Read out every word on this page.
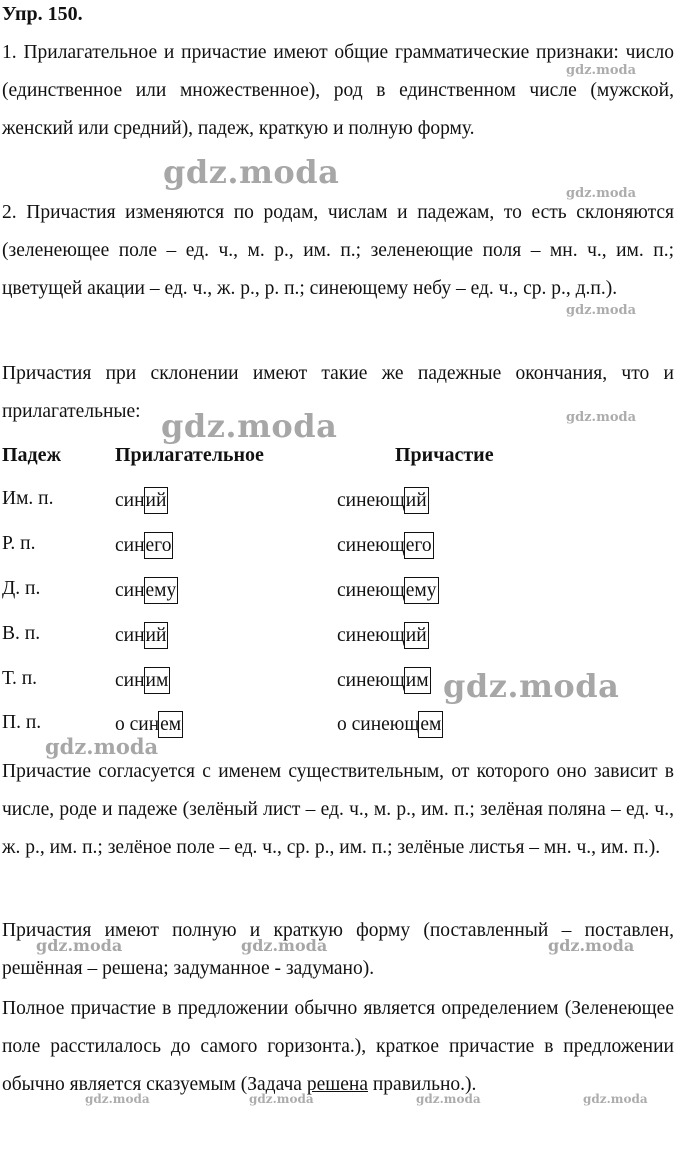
Упр. 150.

1. Прилагательное и причастие имеют общие грамматические признаки: число (единственное или множественное), род в единственном числе (мужской, женский или средний), падеж, краткую и полную форму.

2. Причастия изменяются по родам, числам и падежам, то есть склоняются (зеленеющее поле – ед. ч., м. р., им. п.; зеленеющие поля – мн. ч., им. п.; цветущей акации – ед. ч., ж. р., р. п.; синеющему небу – ед. ч., ср. р., д.п.).

Причастия при склонении имеют такие же падежные окончания, что и прилагательные:

Падеж	Прилагательное	Причастие
Им. п.	синий	синеющий
Р. п.	синего	синеющего
Д. п.	синему	синеющему
В. п.	синий	синеющий
Т. п.	синим	синеющим
П. п.	о синем	о синеющем

Причастие согласуется с именем существительным, от которого оно зависит в числе, роде и падеже (зелёный лист – ед. ч., м. р., им. п.; зелёная поляна – ед. ч., ж. р., им. п.; зелёное поле – ед. ч., ср. р., им. п.; зелёные листья – мн. ч., им. п.).

Причастия имеют полную и краткую форму (поставленный – поставлен, решённая – решена; задуманное - задумано).

Полное причастие в предложении обычно является определением (Зеленеющее поле расстилалось до самого горизонта.), краткое причастие в предложении обычно является сказуемым (Задача решена правильно.).

gdz.moda
gdz.moda
gdz.moda
gdz.moda
gdz.moda	gdz.moda
gdz.moda
gdz.moda
gdz.moda	gdz.moda	gdz.moda
gdz.moda	gdz.moda	gdz.moda	gdz.moda
